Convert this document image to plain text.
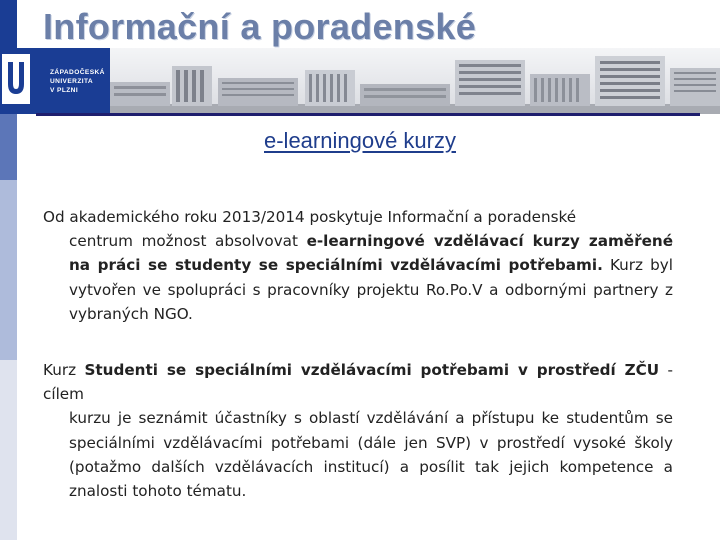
Informační a poradenské
ZÁPADOČESKÁ
UNIVERZITA
V PLZNI
e-learningové kurzy
Od akademického roku 2013/2014 poskytuje Informační a poradenské
centrum možnost absolvovat e-learningové vzdělávací kurzy zaměřené na práci se studenty se speciálními vzdělávacími potřebami. Kurz byl vytvořen ve spolupráci s pracovníky projektu Ro.Po.V a odbornými partnery z vybraných NGO.
Kurz Studenti se speciálními vzdělávacími potřebami v prostředí ZČU - cílem
kurzu je seznámit účastníky s oblastí vzdělávání a přístupu ke studentům se speciálními vzdělávacími potřebami (dále jen SVP) v prostředí vysoké školy (potažmo dalších vzdělávacích institucí) a posílit tak jejich kompetence a znalosti tohoto tématu.
